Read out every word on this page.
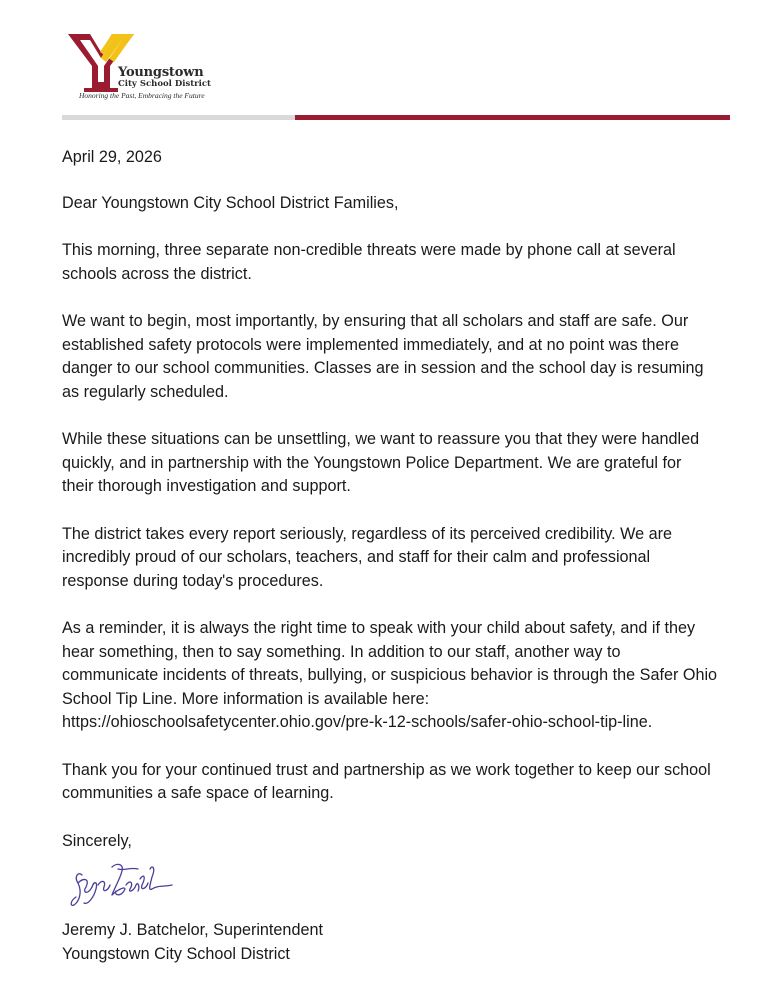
Youngstown
City School District
Honoring the Past, Embracing the Future

April 29, 2026

Dear Youngstown City School District Families,

This morning, three separate non-credible threats were made by phone call at several
schools across the district.

We want to begin, most importantly, by ensuring that all scholars and staff are safe. Our
established safety protocols were implemented immediately, and at no point was there
danger to our school communities. Classes are in session and the school day is resuming
as regularly scheduled.

While these situations can be unsettling, we want to reassure you that they were handled
quickly, and in partnership with the Youngstown Police Department. We are grateful for
their thorough investigation and support.

The district takes every report seriously, regardless of its perceived credibility. We are
incredibly proud of our scholars, teachers, and staff for their calm and professional
response during today's procedures.

As a reminder, it is always the right time to speak with your child about safety, and if they
hear something, then to say something. In addition to our staff, another way to
communicate incidents of threats, bullying, or suspicious behavior is through the Safer Ohio
School Tip Line. More information is available here:
https://ohioschoolsafetycenter.ohio.gov/pre-k-12-schools/safer-ohio-school-tip-line.

Thank you for your continued trust and partnership as we work together to keep our school
communities a safe space of learning.

Sincerely,

Jeremy J. Batchelor, Superintendent

Youngstown City School District
